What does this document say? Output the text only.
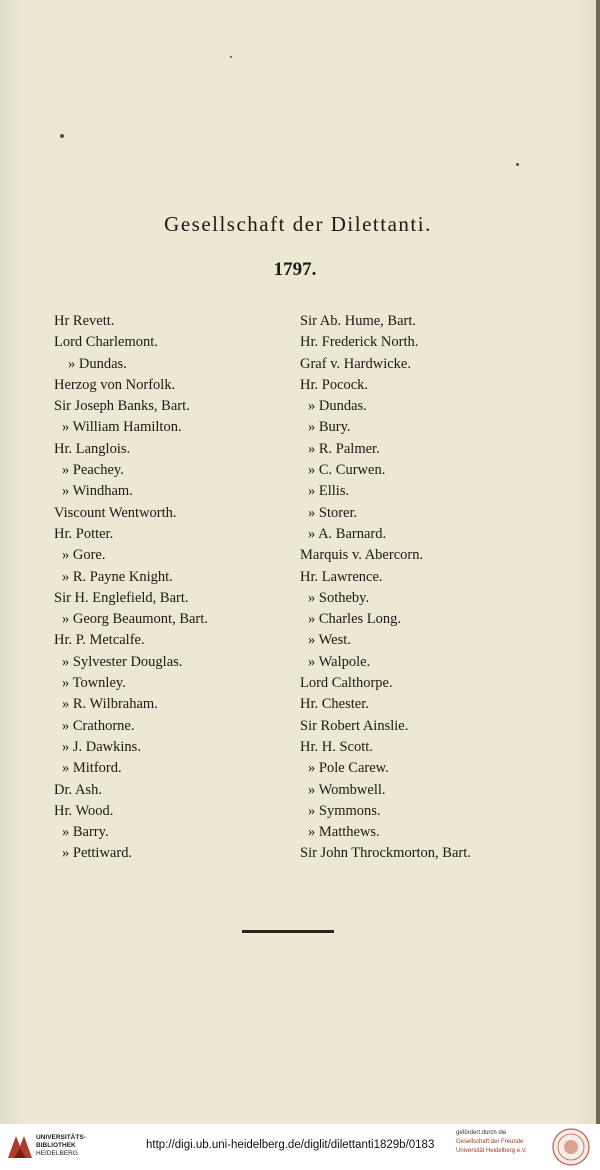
Gesellschaft der Dilettanti.
1797.
Hr Revett.
Lord Charlemont.
» Dundas.
Herzog von Norfolk.
Sir Joseph Banks, Bart.
» William Hamilton.
Hr. Langlois.
» Peachey.
» Windham.
Viscount Wentworth.
Hr. Potter.
» Gore.
» R. Payne Knight.
Sir H. Englefield, Bart.
» Georg Beaumont, Bart.
Hr. P. Metcalfe.
» Sylvester Douglas.
» Townley.
» R. Wilbraham.
» Crathorne.
» J. Dawkins.
» Mitford.
Dr. Ash.
Hr. Wood.
» Barry.
» Pettiward.
Sir Ab. Hume, Bart.
Hr. Frederick North.
Graf v. Hardwicke.
Hr. Pocock.
» Dundas.
» Bury.
» R. Palmer.
» C. Curwen.
» Ellis.
» Storer.
» A. Barnard.
Marquis v. Abercorn.
Hr. Lawrence.
» Sotheby.
» Charles Long.
» West.
» Walpole.
Lord Calthorpe.
Hr. Chester.
Sir Robert Ainslie.
Hr. H. Scott.
» Pole Carew.
» Wombwell.
» Symmons.
» Matthews.
Sir John Throckmorton, Bart.
UNIVERSITÄTS-
BIBLIOTHEK
HEIDELBERG
http://digi.ub.uni-heidelberg.de/diglit/dilettanti1829b/0183
gefördert durch die
Gesellschaft der Freunde
Universität Heidelberg e.V.
